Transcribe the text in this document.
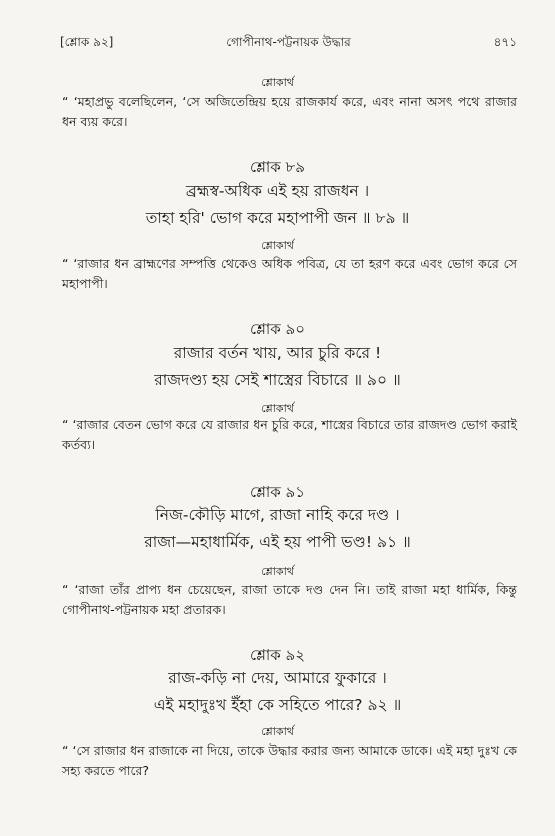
[শ্লোক ৯২]	গোপীনাথ-পট্টনায়ক উদ্ধার	৪৭১
শ্লোকার্থ
“ ‘মহাপ্রভু বলেছিলেন, ‘সে অজিতেন্দ্রিয় হয়ে রাজকার্য করে, এবং নানা অসৎ পথে রাজার ধন ব্যয় করে।
শ্লোক ৮৯
ব্রহ্মস্ব-অধিক এই হয় রাজধন ।
তাহা হরি' ভোগ করে মহাপাপী জন ॥ ৮৯ ॥
শ্লোকার্থ
“ ‘রাজার ধন ব্রাহ্মণের সম্পত্তি থেকেও অধিক পবিত্র, যে তা হরণ করে এবং ভোগ করে সে মহাপাপী।
শ্লোক ৯০
রাজার বর্তন খায়, আর চুরি করে !
রাজদণ্ড্য হয় সেই শাস্ত্রের বিচারে ॥ ৯০ ॥
শ্লোকার্থ
“ ‘রাজার বেতন ভোগ করে যে রাজার ধন চুরি করে, শাস্ত্রের বিচারে তার রাজদণ্ড ভোগ করাই কর্তব্য।
শ্লোক ৯১
নিজ-কৌড়ি মাগে, রাজা নাহি করে দণ্ড ।
রাজা—মহাধার্মিক, এই হয় পাপী ভণ্ড! ৯১ ॥
শ্লোকার্থ
“ ‘রাজা তাঁর প্রাপ্য ধন চেয়েছেন, রাজা তাকে দণ্ড দেন নি। তাই রাজা মহা ধার্মিক, কিন্তু গোপীনাথ-পট্টনায়ক মহা প্রতারক।
শ্লোক ৯২
রাজ-কড়ি না দেয়, আমারে ফুকারে ।
এই মহাদুঃখ ইঁহা কে সহিতে পারে? ৯২ ॥
শ্লোকার্থ
“ ‘সে রাজার ধন রাজাকে না দিয়ে, তাকে উদ্ধার করার জন্য আমাকে ডাকে। এই মহা দুঃখ কে সহ্য করতে পারে?
